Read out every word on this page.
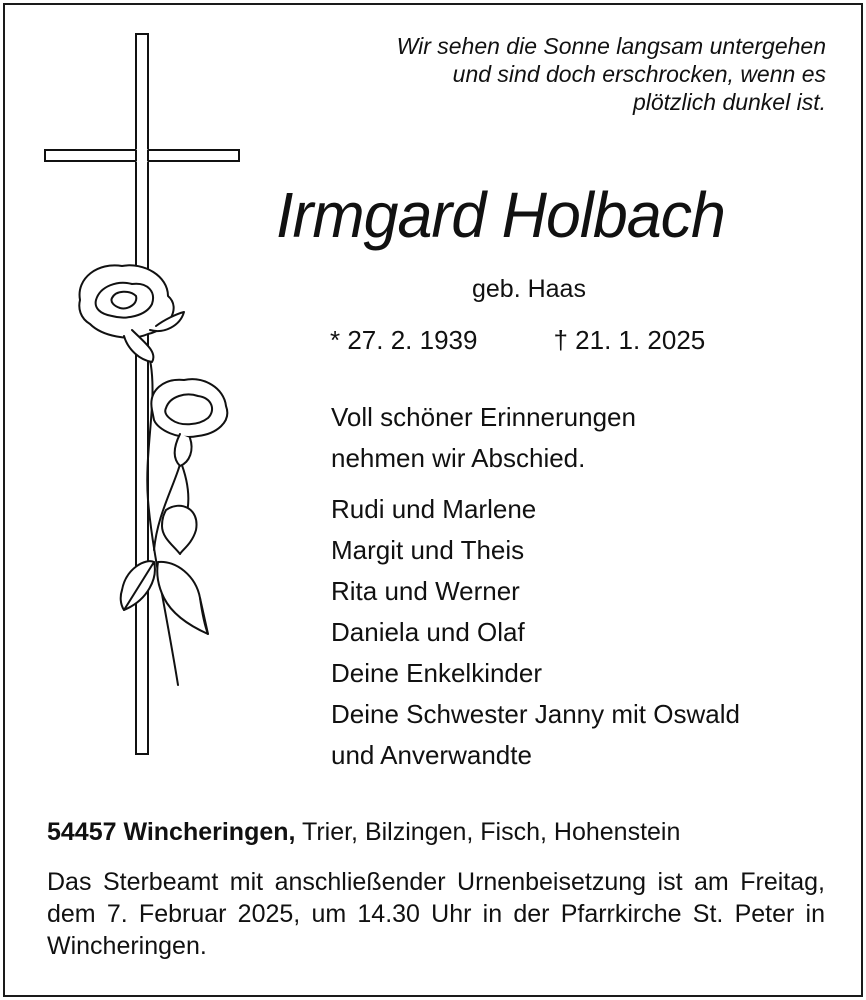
Wir sehen die Sonne langsam untergehen
und sind doch erschrocken, wenn es
plötzlich dunkel ist.
Irmgard Holbach
geb. Haas
* 27. 2. 1939	† 21. 1. 2025
Voll schöner Erinnerungen
nehmen wir Abschied.
Rudi und Marlene
Margit und Theis
Rita und Werner
Daniela und Olaf
Deine Enkelkinder
Deine Schwester Janny mit Oswald
und Anverwandte
54457 Wincheringen, Trier, Bilzingen, Fisch, Hohenstein
Das Sterbeamt mit anschließender Urnenbeisetzung ist am Freitag, dem 7. Februar 2025, um 14.30 Uhr in der Pfarrkirche St. Peter in Wincheringen.
